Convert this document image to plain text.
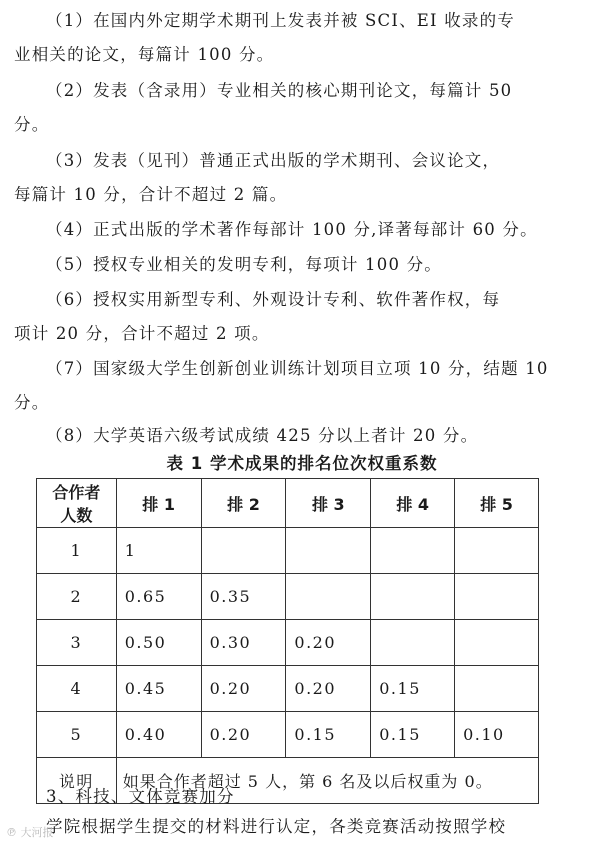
（1）在国内外定期学术期刊上发表并被 SCI、EI 收录的专
业相关的论文，每篇计 100 分。
（2）发表（含录用）专业相关的核心期刊论文，每篇计 50
分。
（3）发表（见刊）普通正式出版的学术期刊、会议论文，
每篇计 10 分，合计不超过 2 篇。
（4）正式出版的学术著作每部计 100 分,译著每部计 60 分。
（5）授权专业相关的发明专利，每项计 100 分。
（6）授权实用新型专利、外观设计专利、软件著作权，每
项计 20 分，合计不超过 2 项。
（7）国家级大学生创新创业训练计划项目立项 10 分，结题 10
分。
（8）大学英语六级考试成绩 425 分以上者计 20 分。
表 1 学术成果的排名位次权重系数
合作者
人数	排 1	排 2	排 3	排 4	排 5
1	1				
2	0.65	0.35			
3	0.50	0.30	0.20		
4	0.45	0.20	0.20	0.15	
5	0.40	0.20	0.15	0.15	0.10
说明	如果合作者超过 5 人，第 6 名及以后权重为 0。				
3、科技、文体竞赛加分
学院根据学生提交的材料进行认定，各类竞赛活动按照学校
℗ 大河报
